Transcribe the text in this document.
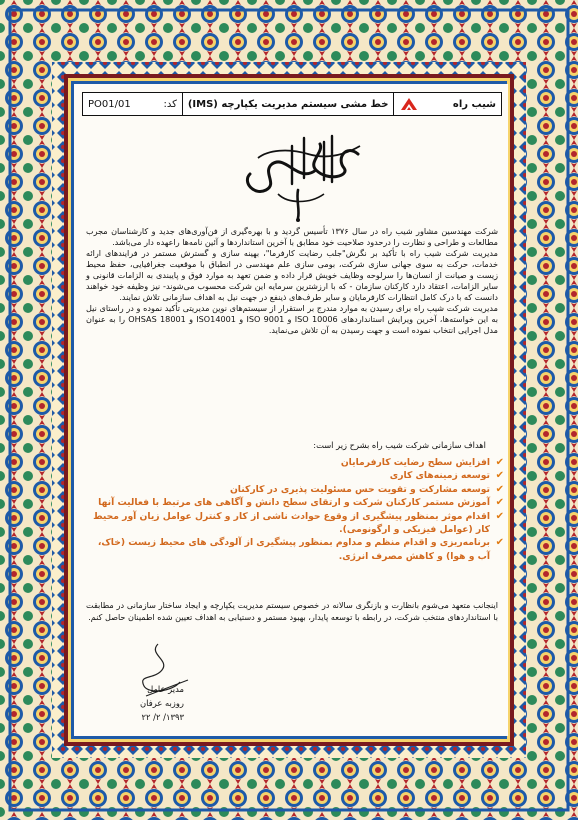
شیب راه
خط مشی سیستم مدیریت یکپارچه (IMS)
کد:
PO01/01

شرکت مهندسین مشاور شیب راه در سال ۱۳۷۶ تأسیس گردید و با بهره‌گیری از فن‌آوری‌های جدید و کارشناسان مجرب مطالعات و طراحی و نظارت را درحدود صلاحیت خود مطابق با آخرین استانداردها و آئین نامه‌ها راعهده دار می‌باشد.

مدیریت شرکت شیب راه با تأکید بر نگرش"جلب رضایت کارفرما"، بهینه سازی و گسترش مستمر در فرایندهای ارائه خدمات، حرکت به سوی جهانی سازی شرکت، بومی سازی علم مهندسی در انطباق با موقعیت جغرافیایی، حفظ محیط زیست و صیانت از انسان‌ها را سرلوحه وظایف خویش قرار داده و ضمن تعهد به موارد فوق و پایبندی به الزامات قانونی و سایر الزامات، اعتقاد دارد کارکنان سازمان - که با ارزشترین سرمایه این شرکت محسوب می‌شوند- نیز وظیفه خود خواهند دانست که با درک کامل انتظارات کارفرمایان و سایر طرف‌های ذینفع در جهت نیل به اهداف سازمانی تلاش نمایند.

مدیریت شرکت شیب راه برای رسیدن به موارد مندرج بر استقرار از سیستم‌های نوین مدیریتی تأکید نموده و در راستای نیل به این خواسته‌ها، آخرین ویرایش استانداردهای ISO 10006 و ISO 9001 و ISO14001 و OHSAS 18001 را به عنوان مدل اجرایی انتخاب نموده است و جهت رسیدن به آن تلاش می‌نماید.

اهداف سازمانی شرکت شیب راه بشرح زیر است:
✔
افزایش سطح رضایت کارفرمایان
✔
توسعه زمینه‌های کاری
✔
توسعه مشارکت و تقویت حس مسئولیت پذیری در کارکنان
✔
آموزش مستمر کارکنان شرکت و ارتقای سطح دانش و آگاهی های مرتبط با فعالیت آنها
✔
اقدام موثر بمنظور پیشگیری از وقوع حوادث ناشی از کار و کنترل عوامل زیان آور محیط کار (عوامل فیزیکی و ارگونومی).
✔
برنامه‌ریزی و اقدام منظم و مداوم بمنظور پیشگیری از آلودگی های محیط زیست (خاک، آب و هوا) و کاهش مصرف انرژی.
اینجانب متعهد می‌شوم بانظارت و بازنگری سالانه در خصوص سیستم مدیریت یکپارچه و ایجاد ساختار سازمانی در مطابقت با استانداردهای منتخب شرکت، در رابطه با توسعه پایدار، بهبود مستمر و دستیابی به اهداف تعیین شده اطمینان حاصل کنم.
مدیر عامل
روزبه عرفان
۱۳۹۳/ ۲/ ۲۲
